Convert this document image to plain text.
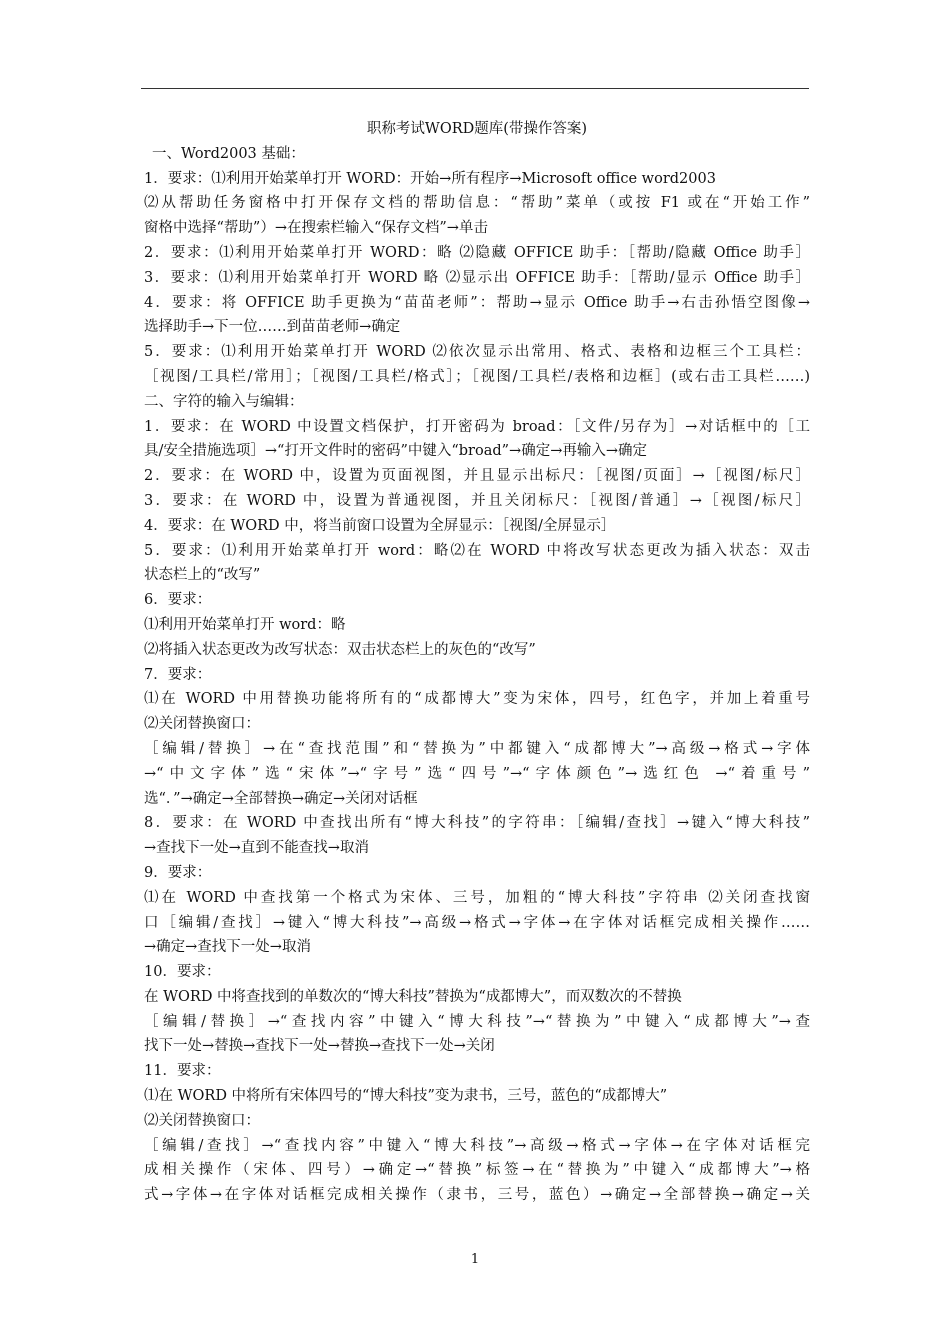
职称考试WORD题库(带操作答案)
一、Word2003 基础：
1．要求：⑴利用开始菜单打开 WORD：开始→所有程序→Microsoft office word2003
⑵从帮助任务窗格中打开保存文档的帮助信息：“帮助”菜单（或按 F1 或在“开始工作”
窗格中选择“帮助”）→在搜索栏输入“保存文档”→单击
2．要求：⑴利用开始菜单打开 WORD：略 ⑵隐藏 OFFICE 助手：［帮助/隐藏 Office 助手］
3．要求：⑴利用开始菜单打开 WORD 略 ⑵显示出 OFFICE 助手：［帮助/显示 Office 助手］
4．要求：将 OFFICE 助手更换为“苗苗老师”：帮助→显示 Office 助手→右击孙悟空图像→
选择助手→下一位……到苗苗老师→确定
5．要求：⑴利用开始菜单打开 WORD ⑵依次显示出常用、格式、表格和边框三个工具栏：
［视图/工具栏/常用］；［视图/工具栏/格式］；［视图/工具栏/表格和边框］(或右击工具栏……)
二、字符的输入与编辑：
1．要求：在 WORD 中设置文档保护，打开密码为 broad：［文件/另存为］→对话框中的［工
具/安全措施选项］→“打开文件时的密码”中键入“broad”→确定→再输入→确定
2．要求：在 WORD 中，设置为页面视图，并且显示出标尺：［视图/页面］→［视图/标尺］
3．要求：在 WORD 中，设置为普通视图，并且关闭标尺：［视图/普通］→［视图/标尺］
4．要求：在 WORD 中，将当前窗口设置为全屏显示：［视图/全屏显示］
5．要求：⑴利用开始菜单打开 word：略⑵在 WORD 中将改写状态更改为插入状态：双击
状态栏上的“改写”
6．要求：
⑴利用开始菜单打开 word：略
⑵将插入状态更改为改写状态：双击状态栏上的灰色的“改写”
7．要求：
⑴在 WORD 中用替换功能将所有的“成都博大”变为宋体，四号，红色字，并加上着重号
⑵关闭替换窗口：
［编辑/替换］→在“查找范围”和“替换为”中都键入“成都博大”→高级→格式→字体
→“中文字体”选“宋体”→“字号”选“四号”→“字体颜色”→选红色 →“着重号”
选“．”→确定→全部替换→确定→关闭对话框
8．要求：在 WORD 中查找出所有“博大科技”的字符串：［编辑/查找］→键入“博大科技”
→查找下一处→直到不能查找→取消
9．要求：
⑴在 WORD 中查找第一个格式为宋体、三号，加粗的“博大科技”字符串 ⑵关闭查找窗
口［编辑/查找］→键入“博大科技”→高级→格式→字体→在字体对话框完成相关操作……
→确定→查找下一处→取消
10．要求：
在 WORD 中将查找到的单数次的“博大科技”替换为“成都博大”，而双数次的不替换
［编辑/替换］→“查找内容”中键入“博大科技”→“替换为”中键入“成都博大”→查
找下一处→替换→查找下一处→替换→查找下一处→关闭
11．要求：
⑴在 WORD 中将所有宋体四号的“博大科技”变为隶书，三号，蓝色的“成都博大”
⑵关闭替换窗口：
［编辑/查找］→“查找内容”中键入“博大科技”→高级→格式→字体→在字体对话框完
成相关操作（宋体、四号）→确定→“替换”标签→在“替换为”中键入“成都博大”→格
式→字体→在字体对话框完成相关操作（隶书，三号，蓝色）→确定→全部替换→确定→关
1
